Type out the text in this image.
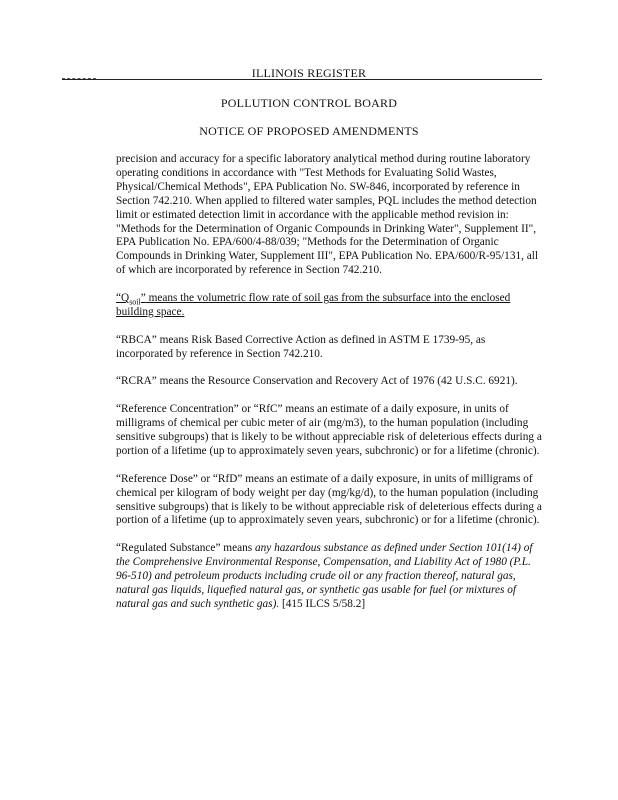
ILLINOIS REGISTER
POLLUTION CONTROL BOARD
NOTICE OF PROPOSED AMENDMENTS

precision and accuracy for a specific laboratory analytical method during routine laboratory operating conditions in accordance with "Test Methods for Evaluating Solid Wastes, Physical/Chemical Methods", EPA Publication No. SW-846, incorporated by reference in Section 742.210. When applied to filtered water samples, PQL includes the method detection limit or estimated detection limit in accordance with the applicable method revision in: "Methods for the Determination of Organic Compounds in Drinking Water", Supplement II", EPA Publication No. EPA/600/4-88/039; "Methods for the Determination of Organic Compounds in Drinking Water, Supplement III", EPA Publication No. EPA/600/R-95/131, all of which are incorporated by reference in Section 742.210.

“$Q_{soil}$” means the volumetric flow rate of soil gas from the subsurface into the enclosed building space.

“RBCA” means Risk Based Corrective Action as defined in ASTM E 1739-95, as incorporated by reference in Section 742.210.

“RCRA” means the Resource Conservation and Recovery Act of 1976 (42 U.S.C. 6921).

“Reference Concentration” or “RfC” means an estimate of a daily exposure, in units of milligrams of chemical per cubic meter of air (mg/m3), to the human population (including sensitive subgroups) that is likely to be without appreciable risk of deleterious effects during a portion of a lifetime (up to approximately seven years, subchronic) or for a lifetime (chronic).

“Reference Dose” or “RfD” means an estimate of a daily exposure, in units of milligrams of chemical per kilogram of body weight per day (mg/kg/d), to the human population (including sensitive subgroups) that is likely to be without appreciable risk of deleterious effects during a portion of a lifetime (up to approximately seven years, subchronic) or for a lifetime (chronic).

“Regulated Substance” means any hazardous substance as defined under Section 101(14) of the Comprehensive Environmental Response, Compensation, and Liability Act of 1980 (P.L. 96-510) and petroleum products including crude oil or any fraction thereof, natural gas, natural gas liquids, liquefied natural gas, or synthetic gas usable for fuel (or mixtures of natural gas and such synthetic gas). [415 ILCS 5/58.2]
